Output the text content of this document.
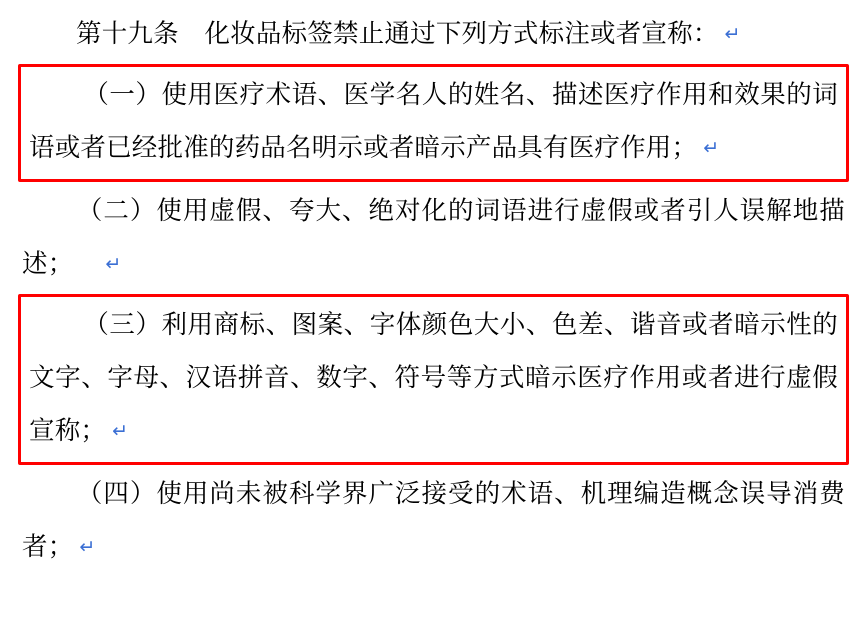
第十九条　 化妆品标签禁止通过下列方式标注或者宣称： ↵

（一）使用医疗术语、医学名人的姓名、描述医疗作用和效果的词语或者已经批准的药品名明示或者暗示产品具有医疗作用； ↵

（二）使用虚假、夸大、绝对化的词语进行虚假或者引人误解地描述； ↵

（三）利用商标、图案、字体颜色大小、色差、谐音或者暗示性的文字、字母、汉语拼音、数字、符号等方式暗示医疗作用或者进行虚假宣称； ↵

（四）使用尚未被科学界广泛接受的术语、机理编造概念误导消费者； ↵
